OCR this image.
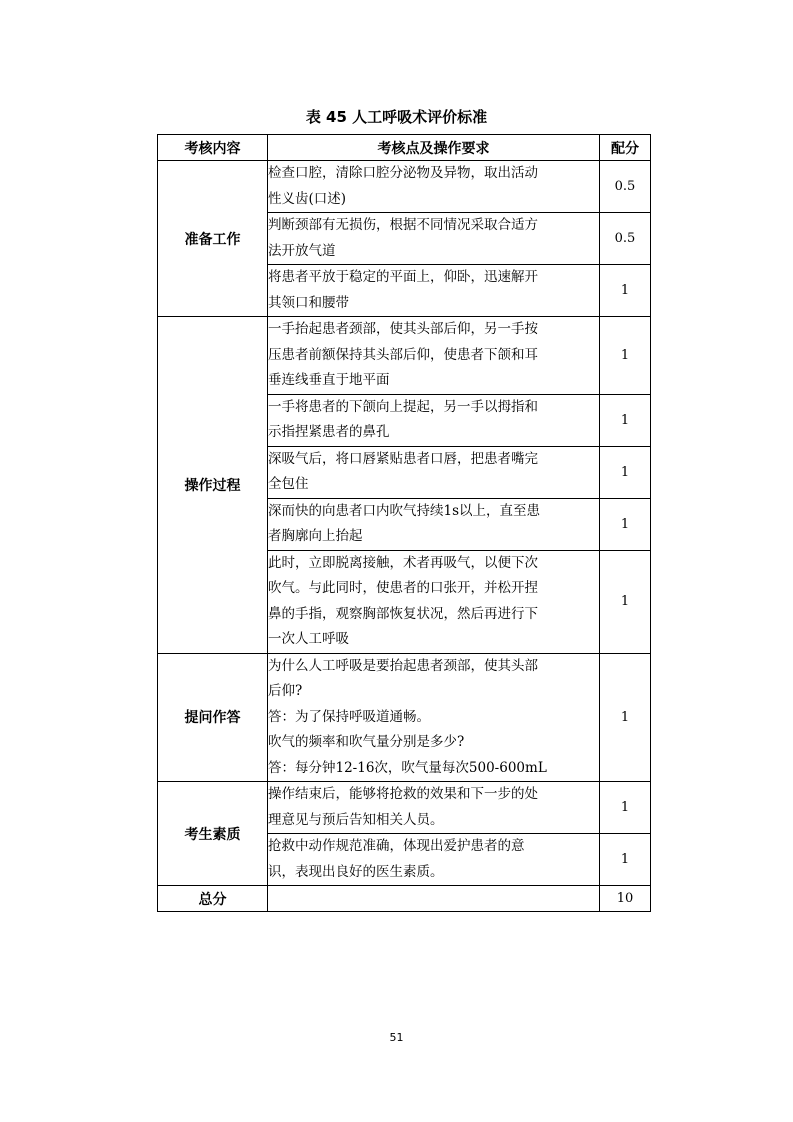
表 45 人工呼吸术评价标准
考核内容	考核点及操作要求	配分
准备工作	检查口腔，清除口腔分泌物及异物，取出活动
性义齿(口述)	0.5

	判断颈部有无损伤，根据不同情况采取合适方
法开放气道	0.5

	将患者平放于稳定的平面上，仰卧，迅速解开
其领口和腰带	1
操作过程	一手抬起患者颈部，使其头部后仰，另一手按
压患者前额保持其头部后仰，使患者下颌和耳
垂连线垂直于地平面	1

	一手将患者的下颌向上提起，另一手以拇指和
示指捏紧患者的鼻孔	1

	深吸气后，将口唇紧贴患者口唇，把患者嘴完
全包住	1

	深而快的向患者口内吹气持续1s以上，直至患
者胸廓向上抬起	1

	此时，立即脱离接触，术者再吸气，以便下次
吹气。与此同时，使患者的口张开，并松开捏
鼻的手指，观察胸部恢复状况，然后再进行下
一次人工呼吸	1
提问作答	为什么人工呼吸是要抬起患者颈部，使其头部
后仰?
答：为了保持呼吸道通畅。
吹气的频率和吹气量分别是多少?
答：每分钟12-16次，吹气量每次500-600mL	1
考生素质	操作结束后，能够将抢救的效果和下一步的处
理意见与预后告知相关人员。	1

	抢救中动作规范准确，体现出爱护患者的意
识，表现出良好的医生素质。	1
总分		10
51
